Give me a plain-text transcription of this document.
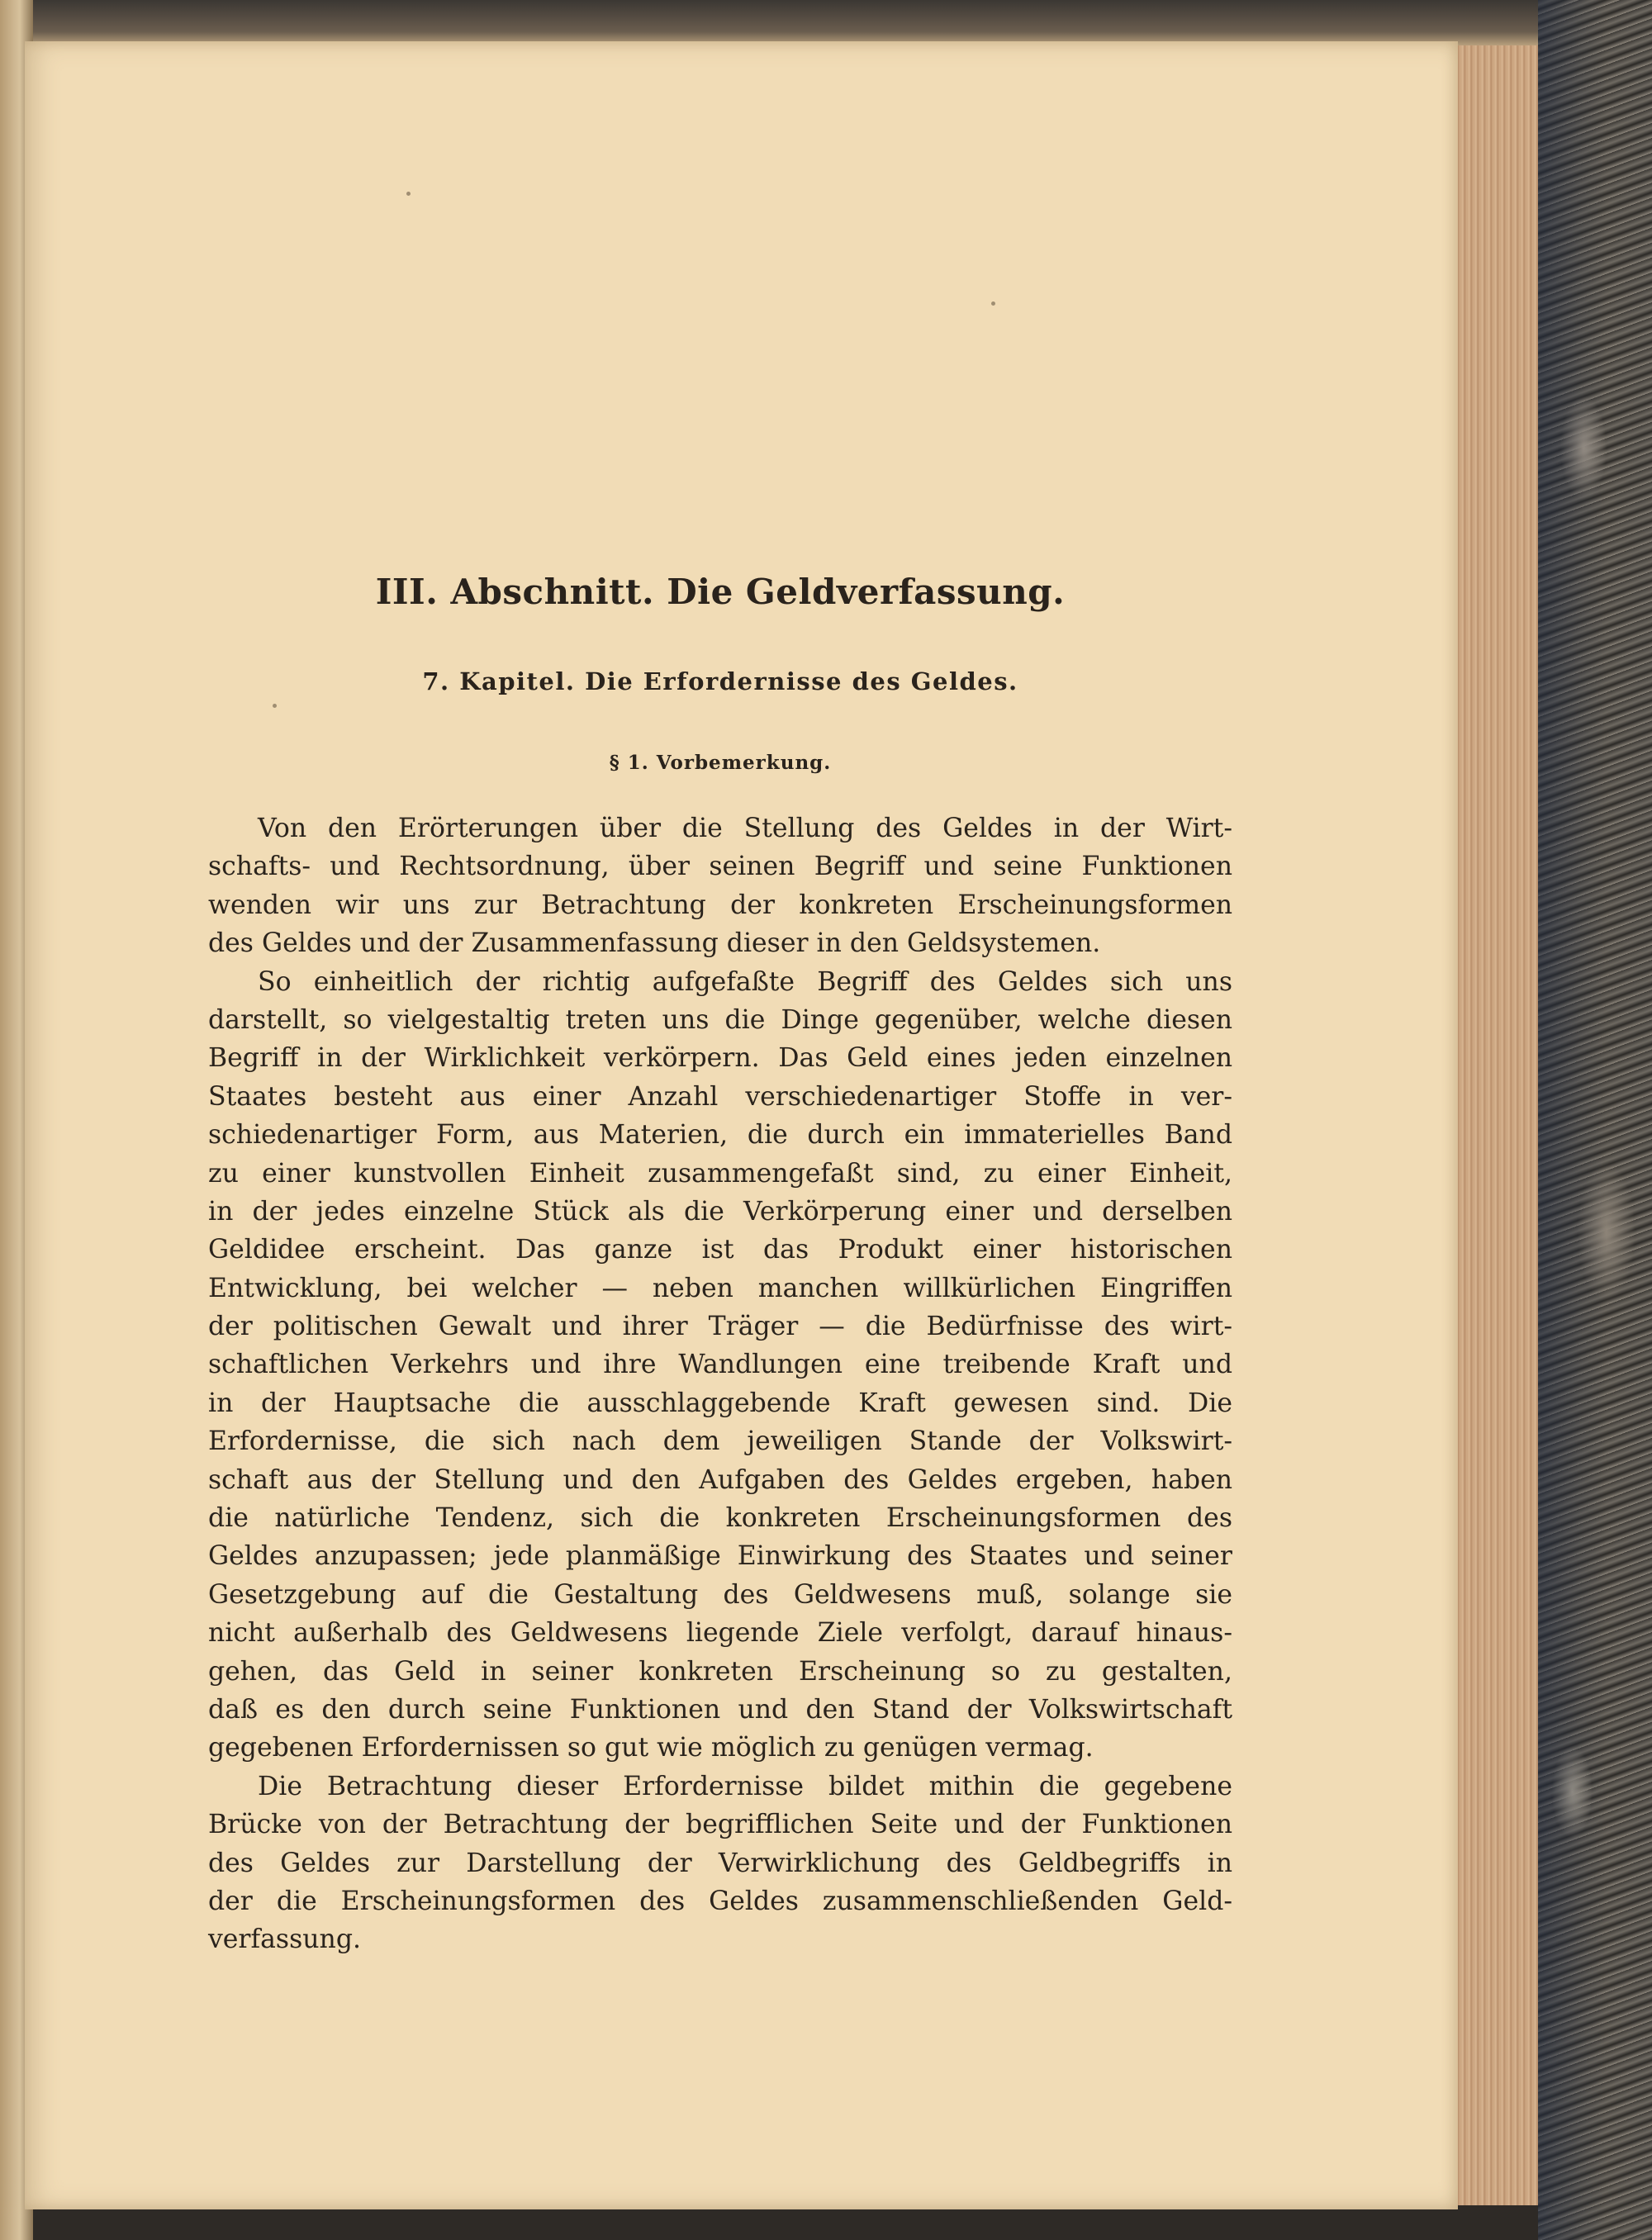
III. Abschnitt. Die Geldverfassung.
7. Kapitel. Die Erfordernisse des Geldes.
§ 1. Vorbemerkung.
Von den Erörterungen über die Stellung des Geldes in der Wirt-
schafts- und Rechtsordnung, über seinen Begriff und seine Funktionen
wenden wir uns zur Betrachtung der konkreten Erscheinungsformen
des Geldes und der Zusammenfassung dieser in den Geldsystemen.
So einheitlich der richtig aufgefaßte Begriff des Geldes sich uns
darstellt, so vielgestaltig treten uns die Dinge gegenüber, welche diesen
Begriff in der Wirklichkeit verkörpern. Das Geld eines jeden einzelnen
Staates besteht aus einer Anzahl verschiedenartiger Stoffe in ver-
schiedenartiger Form, aus Materien, die durch ein immaterielles Band
zu einer kunstvollen Einheit zusammengefaßt sind, zu einer Einheit,
in der jedes einzelne Stück als die Verkörperung einer und derselben
Geldidee erscheint. Das ganze ist das Produkt einer historischen
Entwicklung, bei welcher — neben manchen willkürlichen Eingriffen
der politischen Gewalt und ihrer Träger — die Bedürfnisse des wirt-
schaftlichen Verkehrs und ihre Wandlungen eine treibende Kraft und
in der Hauptsache die ausschlaggebende Kraft gewesen sind. Die
Erfordernisse, die sich nach dem jeweiligen Stande der Volkswirt-
schaft aus der Stellung und den Aufgaben des Geldes ergeben, haben
die natürliche Tendenz, sich die konkreten Erscheinungsformen des
Geldes anzupassen; jede planmäßige Einwirkung des Staates und seiner
Gesetzgebung auf die Gestaltung des Geldwesens muß, solange sie
nicht außerhalb des Geldwesens liegende Ziele verfolgt, darauf hinaus-
gehen, das Geld in seiner konkreten Erscheinung so zu gestalten,
daß es den durch seine Funktionen und den Stand der Volkswirtschaft
gegebenen Erfordernissen so gut wie möglich zu genügen vermag.
Die Betrachtung dieser Erfordernisse bildet mithin die gegebene
Brücke von der Betrachtung der begrifflichen Seite und der Funktionen
des Geldes zur Darstellung der Verwirklichung des Geldbegriffs in
der die Erscheinungsformen des Geldes zusammenschließenden Geld-
verfassung.
